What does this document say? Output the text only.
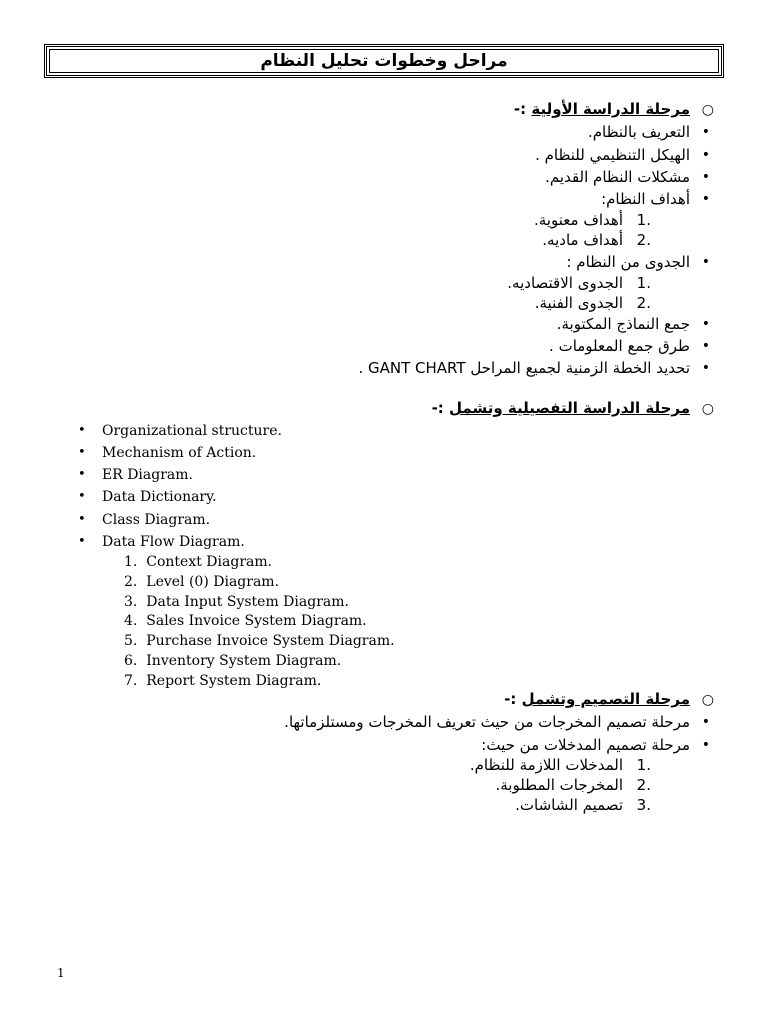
مراحل وخطوات تحليل النظام
○
مرحلة الدراسة الأولية :-
•
التعريف بالنظام.
•
الهيكل التنظيمي للنظام .
•
مشكلات النظام القديم.
•
أهداف النظام:
.1أهداف معنوية.
.2أهداف ماديه.
•
الجدوى من النظام :
.1الجدوى الاقتصاديه.
.2الجدوى الفنية.
•
جمع النماذج المكتوبة.
•
طرق جمع المعلومات .
•
تحديد الخطة الزمنية لجميع المراحل GANT CHART .
○
مرحلة الدراسة التفصيلية وتشمل :-
• Organizational structure.
• Mechanism of Action.
• ER Diagram.
• Data Dictionary.
• Class Diagram.
• Data Flow Diagram.
1.  Context Diagram.
2.  Level (0) Diagram.
3.  Data Input System Diagram.
4.  Sales Invoice System Diagram.
5.  Purchase Invoice System Diagram.
6.  Inventory System Diagram.
7.  Report System Diagram.
○
مرحلة التصميم وتشمل :-
•
مرحلة تصميم المخرجات من حيث تعريف المخرجات ومستلزماتها.
•
مرحلة تصميم المدخلات من حيث:
.1المدخلات اللازمة للنظام.
.2المخرجات المطلوبة.
.3تصميم الشاشات.
1
